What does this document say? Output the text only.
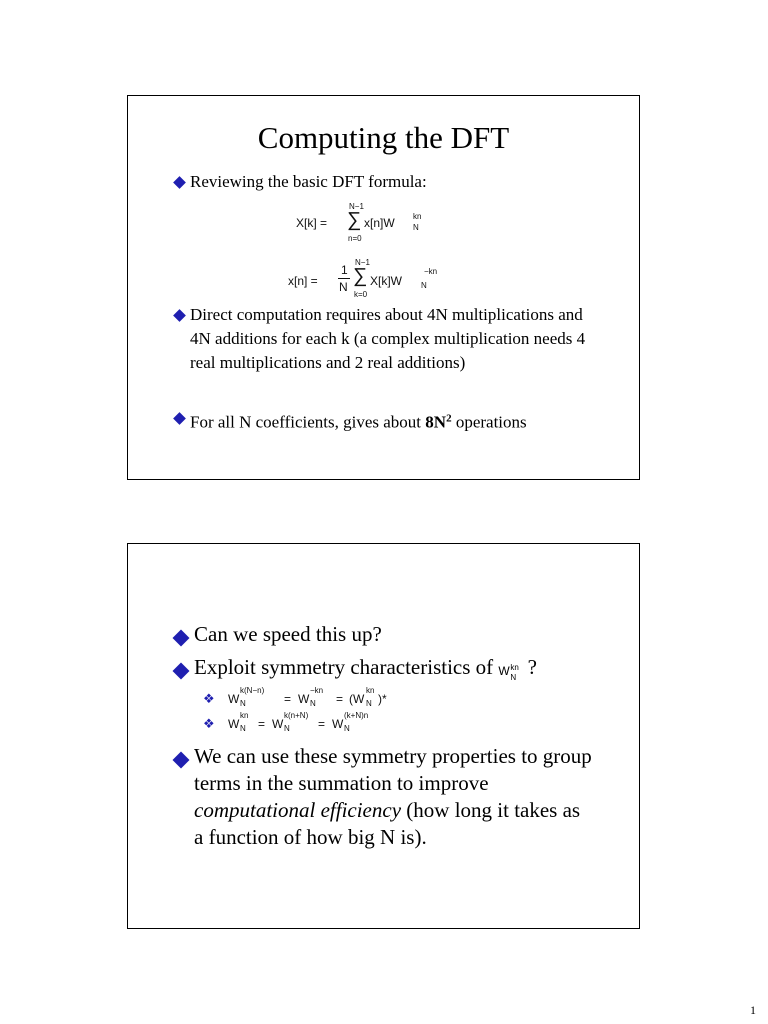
Computing the DFT
Reviewing the basic DFT formula:
X[k] =
N−1
∑
n=0
x[n]W N
kn
x[n] =
1
N
N−1
∑
k=0
X[k]W N
−kn
Direct computation requires about 4N multiplications and 4N additions for each k (a complex multiplication needs 4 real multiplications and 2 real additions)
For all N coefficients, gives about $8N^2$ operations
Can we speed this up?
Exploit symmetry characteristics of W N
kn ?
❖ W N
k(N−n)
= W N
−kn
= (W N
kn
)*
❖ W N
kn
= W N
k(n+N)
= W N
(k+N)n
We can use these symmetry properties to group terms in the summation to improve computational efficiency (how long it takes as a function of how big N is).
1
